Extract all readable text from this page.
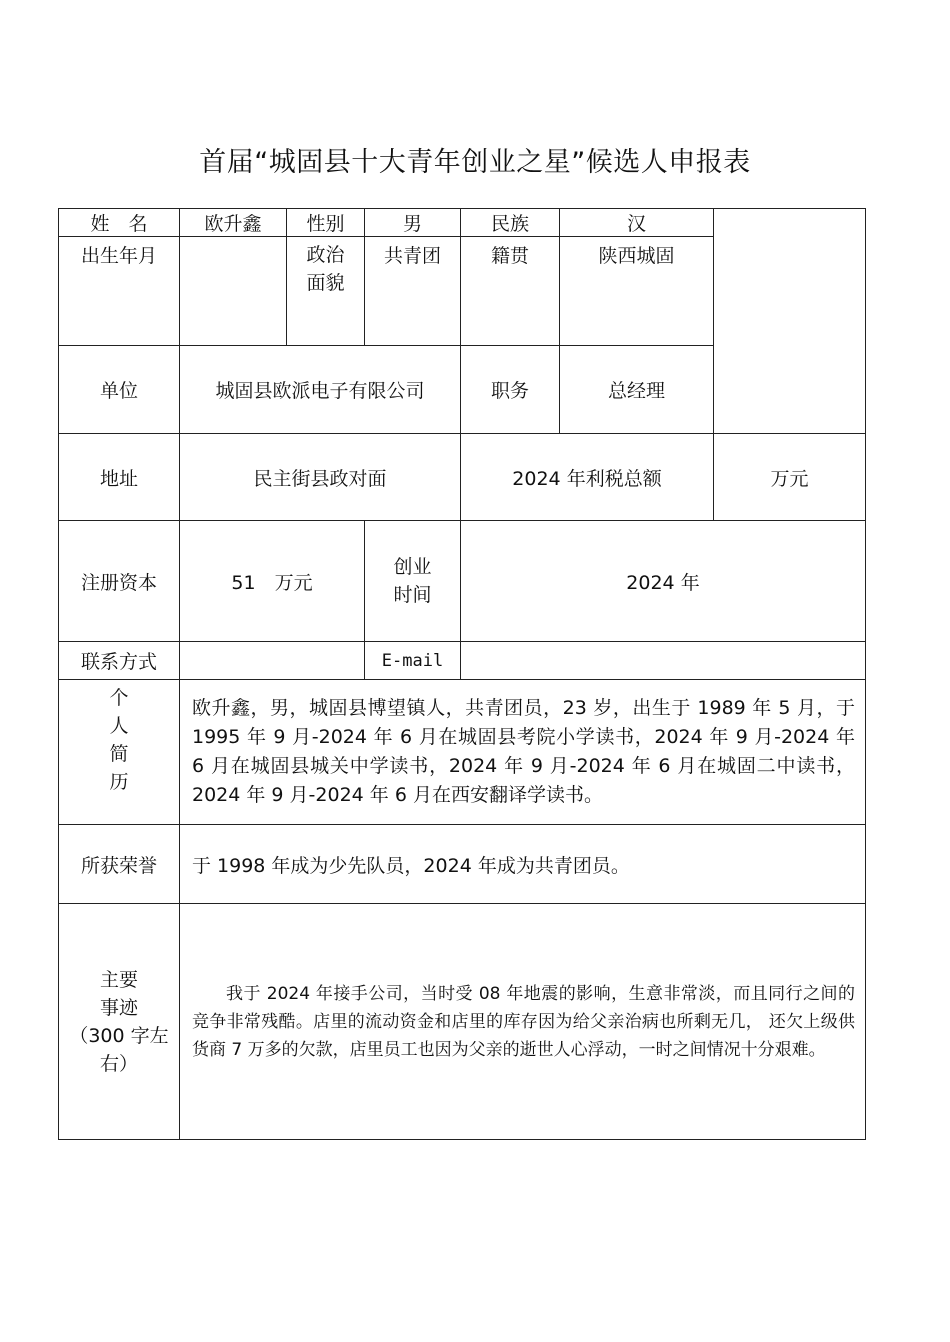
首届“城固县十大青年创业之星”候选人申报表
姓　名	欧升鑫	性别	男	民族	汉	
出生年月		政治面貌	共青团	籍贯	陕西城固	
单位	城固县欧派电子有限公司			职务	总经理	
地址	民主街县政对面			2024 年利税总额		万元
注册资本	51　万元		创业时间	2024 年		
联系方式			E-mail			
个人简历	欧升鑫，男，城固县博望镇人，共青团员，23 岁，出生于 1989 年 5 月，于 1995 年 9 月-2024 年 6 月在城固县考院小学读书，2024 年 9 月-2024 年 6 月在城固县城关中学读书，2024 年 9 月-2024 年 6 月在城固二中读书，2024 年 9 月-2024 年 6 月在西安翻译学读书。					
所获荣誉	于 1998 年成为少先队员，2024 年成为共青团员。					

主要
事迹
（300 字左
右）	我于 2024 年接手公司，当时受 08 年地震的影响，生意非常淡，而且同行之间的竞争非常残酷。店里的流动资金和店里的库存因为给父亲治病也所剩无几， 还欠上级供货商 7 万多的欠款，店里员工也因为父亲的逝世人心浮动，一时之间情况十分艰难。					
